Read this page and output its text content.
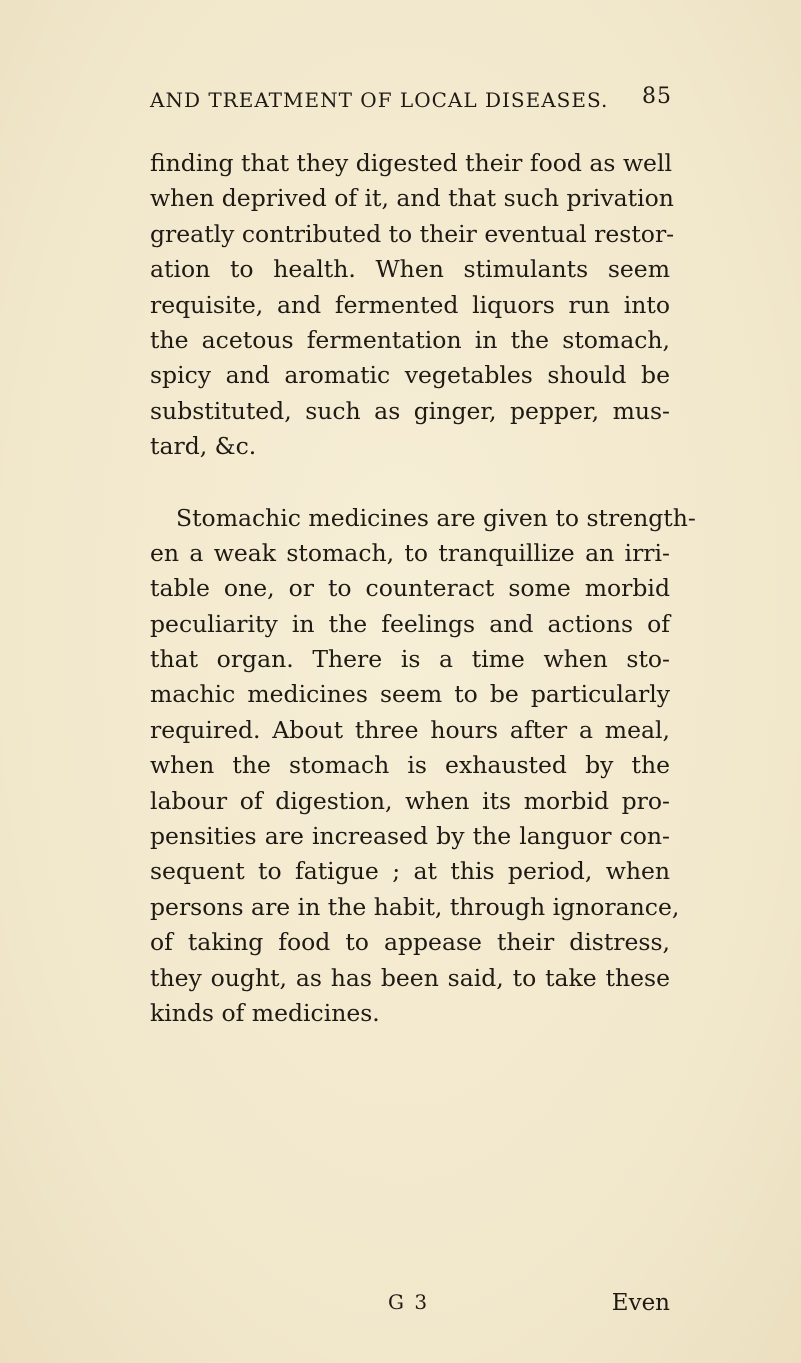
AND TREATMENT OF LOCAL DISEASES. 85
finding that they digested their food as well
when deprived of it, and that such privation
greatly contributed to their eventual restor-
ation to health. When stimulants seem
requisite, and fermented liquors run into
the acetous fermentation in the stomach,
spicy and aromatic vegetables should be
substituted, such as ginger, pepper, mus-
tard, &c.
Stomachic medicines are given to strength-
en a weak stomach, to tranquillize an irri-
table one, or to counteract some morbid
peculiarity in the feelings and actions of
that organ. There is a time when sto-
machic medicines seem to be particularly
required. About three hours after a meal,
when the stomach is exhausted by the
labour of digestion, when its morbid pro-
pensities are increased by the languor con-
sequent to fatigue ; at this period, when
persons are in the habit, through ignorance,
of taking food to appease their distress,
they ought, as has been said, to take these
kinds of medicines.
G 3	Even
